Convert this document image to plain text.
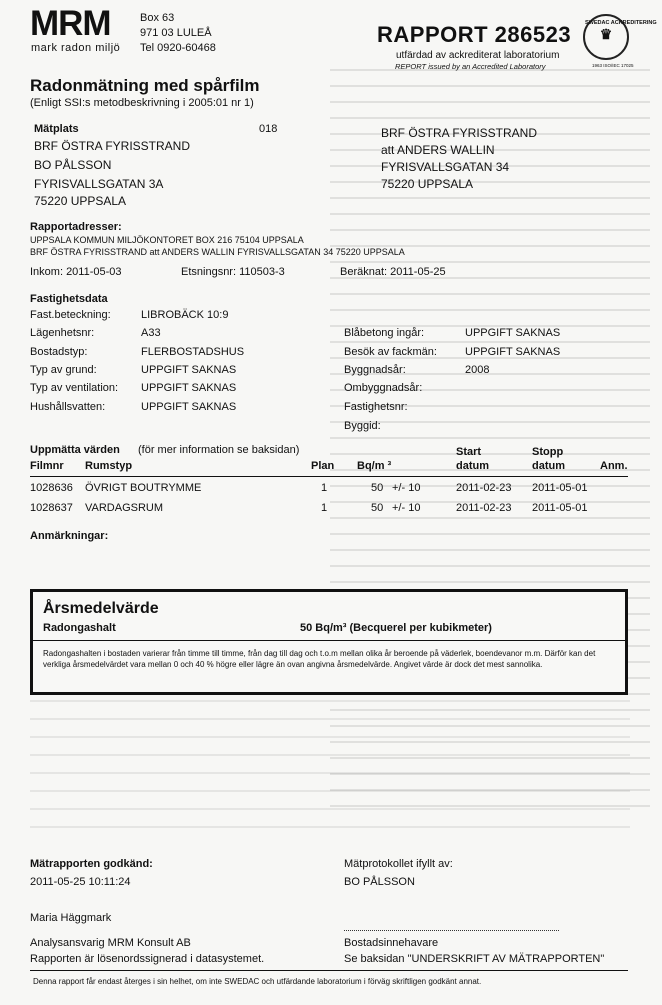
MRM
mark radon miljö
Box 63
971 03 LULEÅ
Tel 0920-60468
RAPPORT 286523
utfärdad av ackrediterat laboratorium
REPORT issued by an Accredited Laboratory
SWEDAC ACKREDITERING
♛
1963 ISO/IEC 17025
Radonmätning med spårfilm
(Enligt SSI:s metodbeskrivning i 2005:01 nr 1)
Mätplats	018
BRF ÖSTRA FYRISSTRAND
BO PÅLSSON
FYRISVALLSGATAN 3A
75220 UPPSALA
BRF ÖSTRA FYRISSTRAND
att ANDERS WALLIN
FYRISVALLSGATAN 34
75220 UPPSALA
Rapportadresser:
UPPSALA KOMMUN MILJÖKONTORET BOX 216 75104 UPPSALA
BRF ÖSTRA FYRISSTRAND att ANDERS WALLIN FYRISVALLSGATAN 34 75220 UPPSALA
Inkom: 2011-05-03	Etsningsnr: 110503-3	Beräknat: 2011-05-25
Fastighetsdata
Fast.beteckning:	LIBROBÄCK 10:9
Lägenhetsnr:	A33
Bostadstyp:	FLERBOSTADSHUS
Typ av grund:	UPPGIFT SAKNAS
Typ av ventilation: UPPGIFT SAKNAS
Hushållsvatten:	UPPGIFT SAKNAS
Blåbetong ingår:	UPPGIFT SAKNAS
Besök av fackmän:	UPPGIFT SAKNAS
Byggnadsår:	2008
Ombyggnadsår:
Fastighetsnr:
Byggid:
Uppmätta värden (för mer information se baksidan)	Start	Stopp
Filmnr Rumstyp	Plan Bq/m ³	datum	datum	Anm.
1028636 ÖVRIGT BOUTRYMME	1	50 +/- 10	2011-02-23 2011-05-01
1028637 VARDAGSRUM	1	50 +/- 10	2011-02-23 2011-05-01
Anmärkningar:
Årsmedelvärde
Radongashalt	50 Bq/m³ (Becquerel per kubikmeter)
Radongashalten i bostaden varierar från timme till timme, från dag till dag och t.o.m mellan olika år beroende på väderlek, boendevanor m.m. Därför kan det verkliga årsmedelvärdet vara mellan 0 och 40 % högre eller lägre än ovan angivna årsmedelvärde. Angivet värde är dock det mest sannolika.
Mätrapporten godkänd:
2011-05-25 10:11:24
Mätprotokollet ifyllt av:
BO PÅLSSON
Maria Häggmark
Analysansvarig MRM Konsult AB
Rapporten är lösenordssignerad i datasystemet.
Bostadsinnehavare
Se baksidan "UNDERSKRIFT AV MÄTRAPPORTEN"
Denna rapport får endast återges i sin helhet, om inte SWEDAC och utfärdande laboratorium i förväg skriftligen godkänt annat.
